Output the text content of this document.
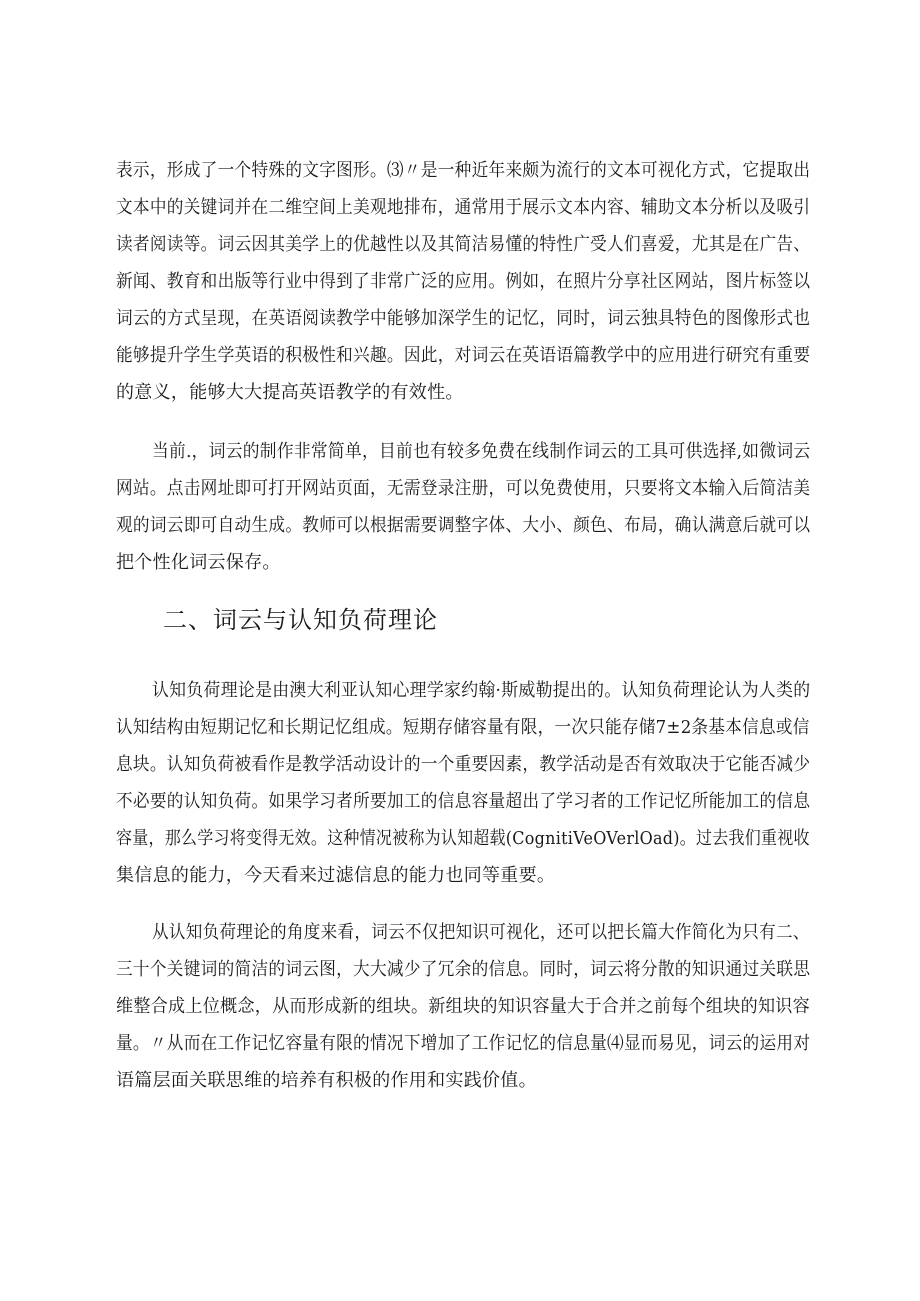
表示，形成了一个特殊的文字图形。⑶〃是一种近年来颇为流行的文本可视化方式，它提取出
文本中的关键词并在二维空间上美观地排布，通常用于展示文本内容、辅助文本分析以及吸引
读者阅读等。词云因其美学上的优越性以及其简洁易懂的特性广受人们喜爱，尤其是在广告、
新闻、教育和出版等行业中得到了非常广泛的应用。例如，在照片分享社区网站，图片标签以
词云的方式呈现，在英语阅读教学中能够加深学生的记忆，同时，词云独具特色的图像形式也
能够提升学生学英语的积极性和兴趣。因此，对词云在英语语篇教学中的应用进行研究有重要
的意义，能够大大提高英语教学的有效性。
当前.，词云的制作非常简单，目前也有较多免费在线制作词云的工具可供选择,如微词云
网站。点击网址即可打开网站页面，无需登录注册，可以免费使用，只要将文本输入后简洁美
观的词云即可自动生成。教师可以根据需要调整字体、大小、颜色、布局，确认满意后就可以
把个性化词云保存。
二、词云与认知负荷理论
认知负荷理论是由澳大利亚认知心理学家约翰·斯威勒提出的。认知负荷理论认为人类的
认知结构由短期记忆和长期记忆组成。短期存储容量有限，一次只能存储7±2条基本信息或信
息块。认知负荷被看作是教学活动设计的一个重要因素，教学活动是否有效取决于它能否减少
不必要的认知负荷。如果学习者所要加工的信息容量超出了学习者的工作记忆所能加工的信息
容量，那么学习将变得无效。这种情况被称为认知超载(CognitiVeOVerlOad)。过去我们重视收
集信息的能力，今天看来过滤信息的能力也同等重要。
从认知负荷理论的角度来看，词云不仅把知识可视化，还可以把长篇大作简化为只有二、
三十个关键词的简洁的词云图，大大减少了冗余的信息。同时，词云将分散的知识通过关联思
维整合成上位概念，从而形成新的组块。新组块的知识容量大于合并之前每个组块的知识容
量。〃从而在工作记忆容量有限的情况下增加了工作记忆的信息量⑷显而易见，词云的运用对
语篇层面关联思维的培养有积极的作用和实践价值。
